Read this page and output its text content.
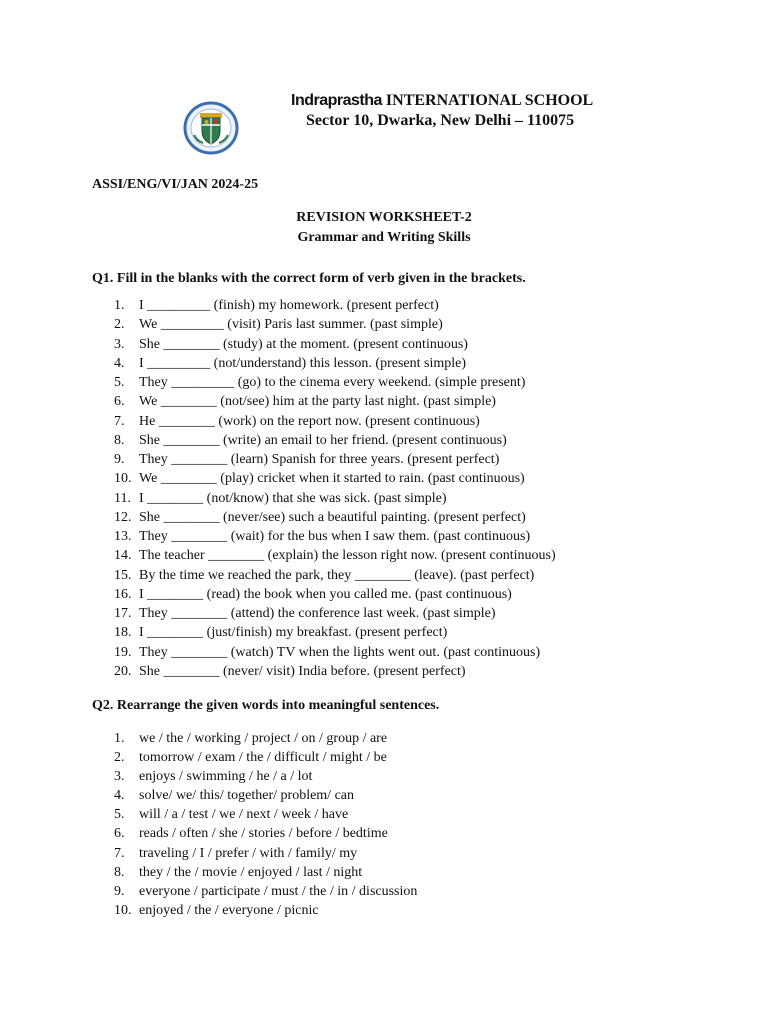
Indraprastha INTERNATIONAL SCHOOL
Sector 10, Dwarka, New Delhi – 110075
ASSI/ENG/VI/JAN 2024-25
REVISION WORKSHEET-2
Grammar and Writing Skills
Q1. Fill in the blanks with the correct form of verb given in the brackets.
1.	I _________ (finish) my homework. (present perfect)
2.	We _________ (visit) Paris last summer. (past simple)
3.	She ________ (study) at the moment. (present continuous)
4.	I _________ (not/understand) this lesson. (present simple)
5.	They _________ (go) to the cinema every weekend. (simple present)
6.	We ________ (not/see) him at the party last night. (past simple)
7.	He ________ (work) on the report now. (present continuous)
8.	She ________ (write) an email to her friend. (present continuous)
9.	They ________ (learn) Spanish for three years. (present perfect)
10. We ________ (play) cricket when it started to rain. (past continuous)
11. I ________ (not/know) that she was sick. (past simple)
12. She ________ (never/see) such a beautiful painting. (present perfect)
13. They ________ (wait) for the bus when I saw them. (past continuous)
14. The teacher ________ (explain) the lesson right now. (present continuous)
15. By the time we reached the park, they ________ (leave). (past perfect)
16. I ________ (read) the book when you called me. (past continuous)
17. They ________ (attend) the conference last week. (past simple)
18. I ________ (just/finish) my breakfast. (present perfect)
19. They ________ (watch) TV when the lights went out. (past continuous)
20. She ________ (never/ visit) India before. (present perfect)
Q2. Rearrange the given words into meaningful sentences.
1.	we / the / working / project / on / group / are
2.	tomorrow / exam / the / difficult / might / be
3.	enjoys / swimming / he / a / lot
4.	solve/ we/ this/ together/ problem/ can
5.	will / a / test / we / next / week / have
6.	reads / often / she / stories / before / bedtime
7.	traveling / I / prefer / with / family/ my
8.	they / the / movie / enjoyed / last / night
9.	everyone / participate / must / the / in / discussion
10. enjoyed / the / everyone / picnic
